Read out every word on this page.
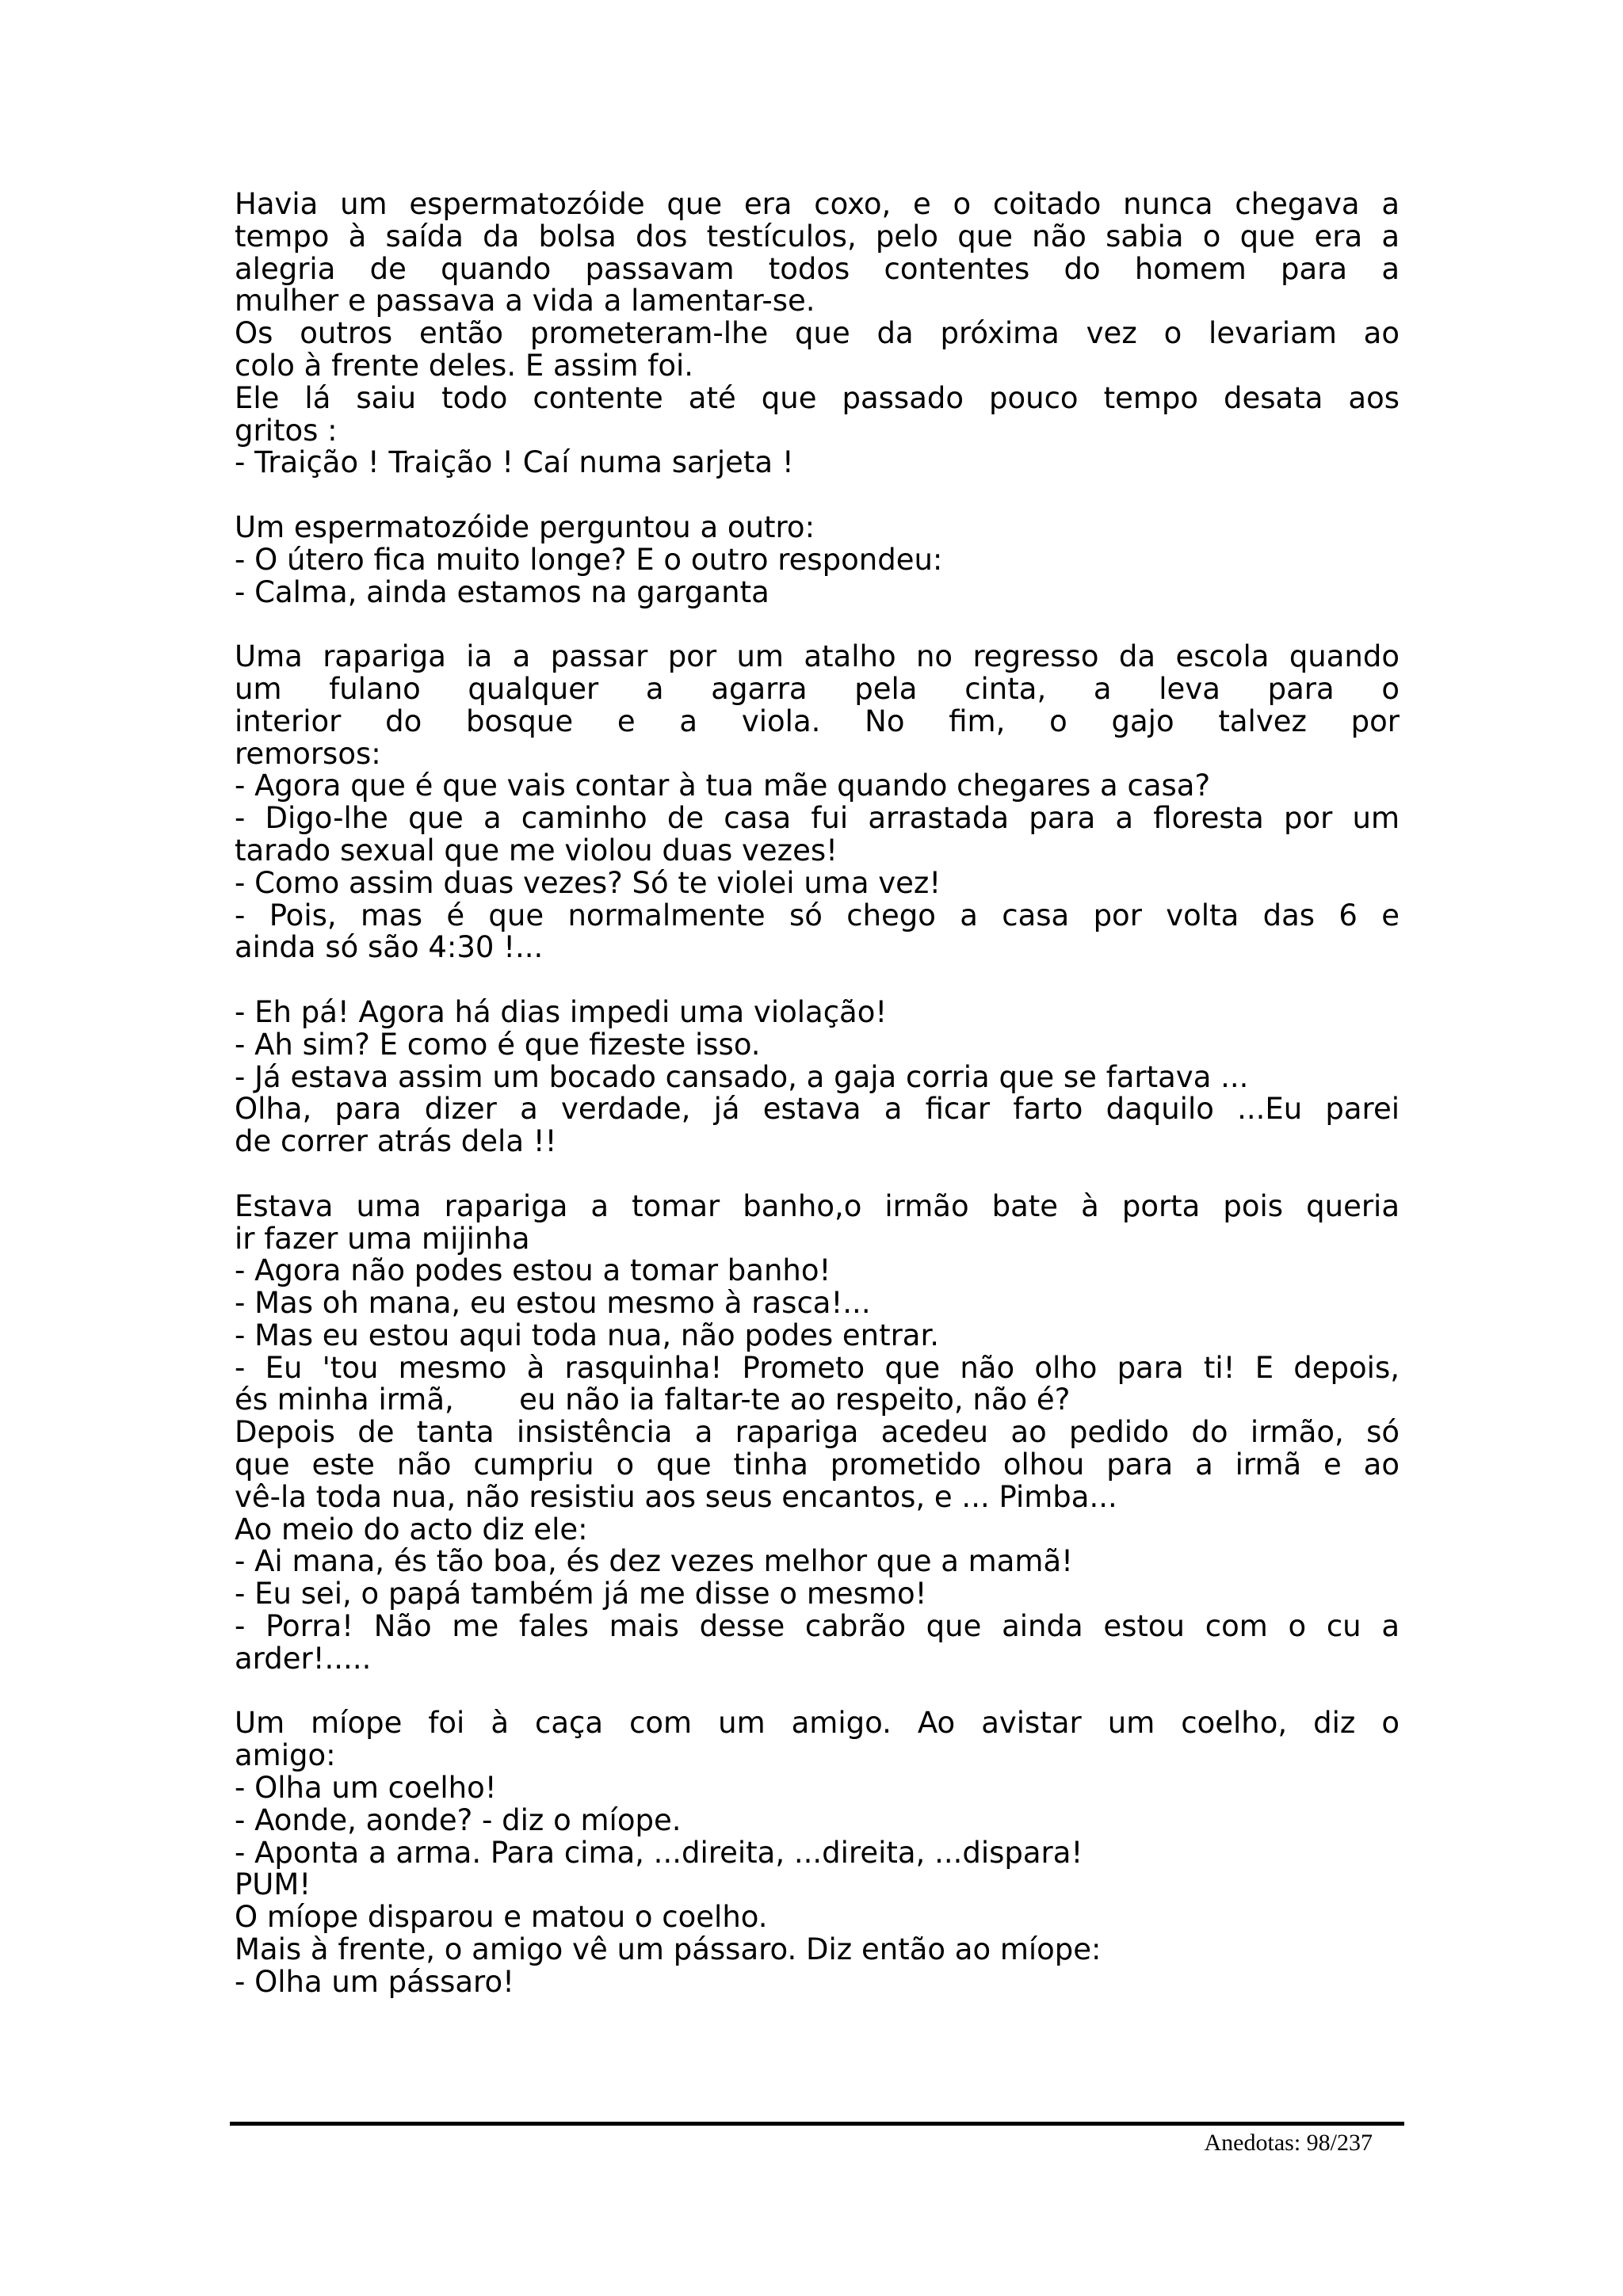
Havia um espermatozóide que era coxo, e o coitado nunca chegava a
tempo à saída da bolsa dos testículos, pelo que não sabia o que era a
alegria de quando passavam todos contentes do homem para a
mulher e passava a vida a lamentar-se.
Os outros então prometeram-lhe que da próxima vez o levariam ao
colo à frente deles. E assim foi.
Ele lá saiu todo contente até que passado pouco tempo desata aos
gritos :
- Traição ! Traição ! Caí numa sarjeta !
Um espermatozóide perguntou a outro:
- O útero fica muito longe? E o outro respondeu:
- Calma, ainda estamos na garganta
Uma rapariga ia a passar por um atalho no regresso da escola quando
um fulano qualquer a agarra pela cinta, a leva para o
interior do bosque e a viola. No fim, o gajo talvez por
remorsos:
- Agora que é que vais contar à tua mãe quando chegares a casa?
- Digo-lhe que a caminho de casa fui arrastada para a floresta por um
tarado sexual que me violou duas vezes!
- Como assim duas vezes? Só te violei uma vez!
- Pois, mas é que normalmente só chego a casa por volta das 6 e
ainda só são 4:30 !...
- Eh pá! Agora há dias impedi uma violação!
- Ah sim? E como é que fizeste isso.
- Já estava assim um bocado cansado, a gaja corria que se fartava ...
Olha, para dizer a verdade, já estava a ficar farto daquilo ...Eu parei
de correr atrás dela !!
Estava uma rapariga a tomar banho,o irmão bate à porta pois queria
ir fazer uma mijinha
- Agora não podes estou a tomar banho!
- Mas oh mana, eu estou mesmo à rasca!...
- Mas eu estou aqui toda nua, não podes entrar.
- Eu 'tou mesmo à rasquinha! Prometo que não olho para ti! E depois,
és minha irmã,       eu não ia faltar-te ao respeito, não é?
Depois de tanta insistência a rapariga acedeu ao pedido do irmão, só
que este não cumpriu o que tinha prometido olhou para a irmã e ao
vê-la toda nua, não resistiu aos seus encantos, e ... Pimba...
Ao meio do acto diz ele:
- Ai mana, és tão boa, és dez vezes melhor que a mamã!
- Eu sei, o papá também já me disse o mesmo!
- Porra! Não me fales mais desse cabrão que ainda estou com o cu a
arder!.....
Um míope foi à caça com um amigo. Ao avistar um coelho, diz o
amigo:
- Olha um coelho!
- Aonde, aonde? - diz o míope.
- Aponta a arma. Para cima, ...direita, ...direita, ...dispara!
PUM!
O míope disparou e matou o coelho.
Mais à frente, o amigo vê um pássaro. Diz então ao míope:
- Olha um pássaro!
Anedotas: 98/237
